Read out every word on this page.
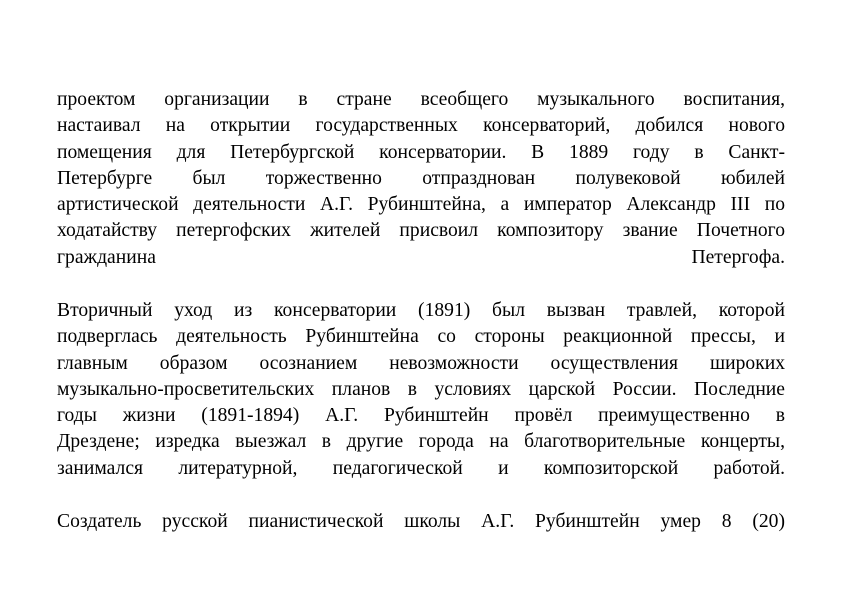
проектом организации в стране всеобщего музыкального воспитания,
настаивал на открытии государственных консерваторий, добился нового
помещения для Петербургской консерватории. В 1889 году в Санкт-
Петербурге был торжественно отпразднован полувековой юбилей
артистической деятельности А.Г. Рубинштейна, а император Александр III по
ходатайству петергофских жителей присвоил композитору звание Почетного
гражданина Петергофа.
Вторичный уход из консерватории (1891) был вызван травлей, которой
подверглась деятельность Рубинштейна со стороны реакционной прессы, и
главным образом осознанием невозможности осуществления широких
музыкально-просветительских планов в условиях царской России. Последние
годы жизни (1891-1894) А.Г. Рубинштейн провёл преимущественно в
Дрездене; изредка выезжал в другие города на благотворительные концерты,
занимался литературной, педагогической и композиторской работой.
Создатель русской пианистической школы А.Г. Рубинштейн умер 8 (20)
